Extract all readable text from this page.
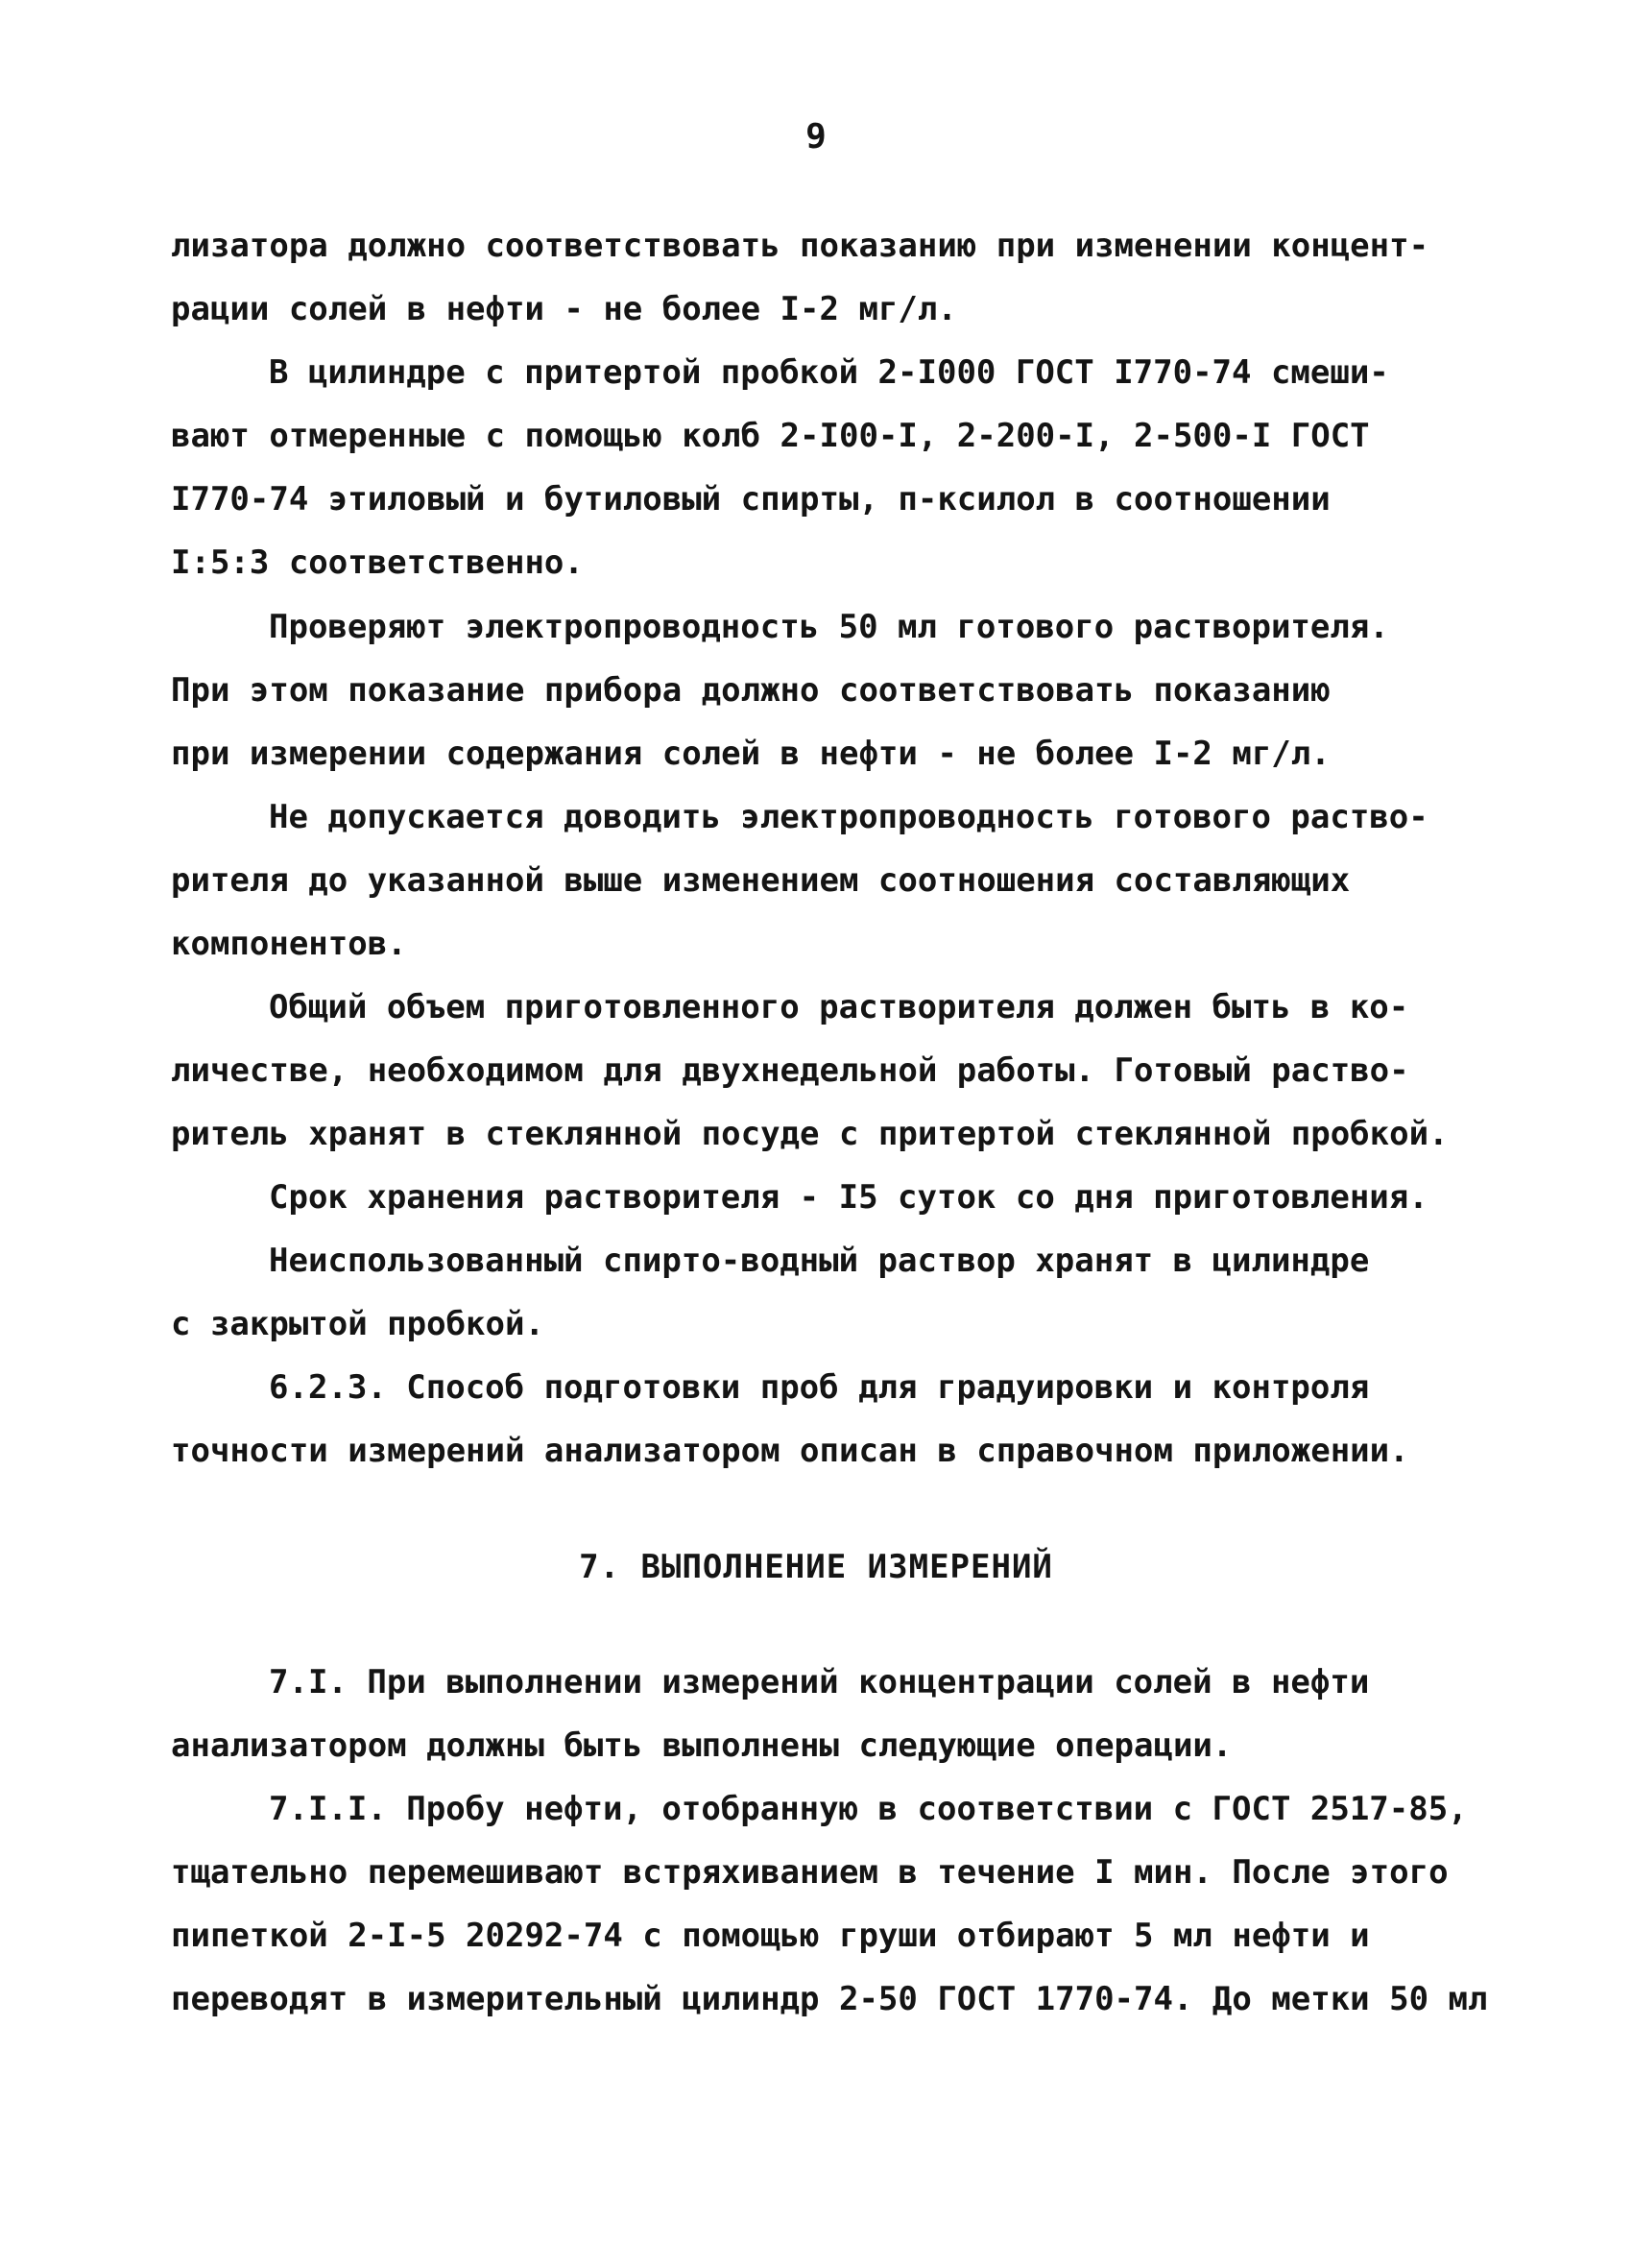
9
лизатора должно соответствовать показанию при изменении концент-
рации солей в нефти - не более I-2 мг/л.
В цилиндре с притертой пробкой 2-I000 ГОСТ I770-74 смеши-
вают отмеренные с помощью колб 2-I00-I, 2-200-I, 2-500-I ГОСТ
I770-74 этиловый и бутиловый спирты, п-ксилол в соотношении
I:5:3 соответственно.
Проверяют электропроводность 50 мл готового растворителя.
При этом показание прибора должно соответствовать показанию
при измерении содержания солей в нефти - не более I-2 мг/л.
Не допускается доводить электропроводность готового раство-
рителя до указанной выше изменением соотношения составляющих
компонентов.
Общий объем приготовленного растворителя должен быть в ко-
личестве, необходимом для двухнедельной работы. Готовый раство-
ритель хранят в стеклянной посуде с притертой стеклянной пробкой.
Срок хранения растворителя - I5 суток со дня приготовления.
Неиспользованный спирто-водный раствор хранят в цилиндре
с закрытой пробкой.
6.2.3. Способ подготовки проб для градуировки и контроля
точности измерений анализатором описан в справочном приложении.
7. ВЫПОЛНЕНИЕ ИЗМЕРЕНИЙ
7.I. При выполнении измерений концентрации солей в нефти
анализатором должны быть выполнены следующие операции.
7.I.I. Пробу нефти, отобранную в соответствии с ГОСТ 2517-85,
тщательно перемешивают встряхиванием в течение I мин. После этого
пипеткой 2-I-5 20292-74 с помощью груши отбирают 5 мл нефти и
переводят в измерительный цилиндр 2-50 ГОСТ 1770-74. До метки 50 мл
